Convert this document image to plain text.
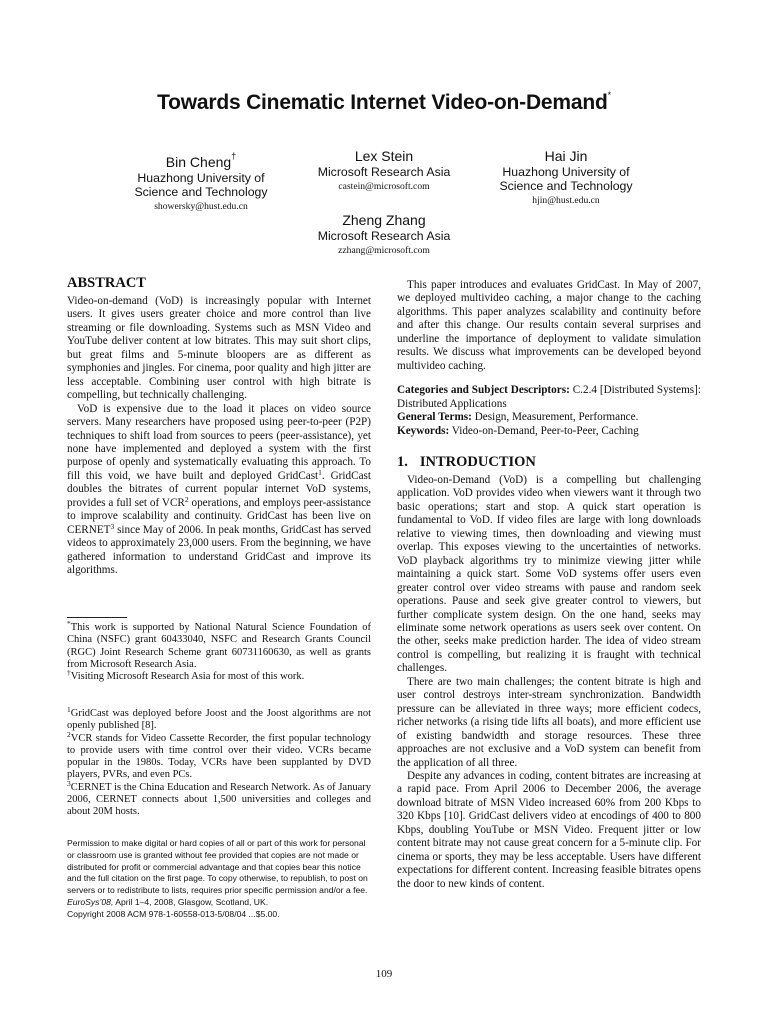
Towards Cinematic Internet Video-on-Demand*
Bin Cheng†
Huazhong University of
Science and Technology
showersky@hust.edu.cn
Lex Stein
Microsoft Research Asia
castein@microsoft.com
Hai Jin
Huazhong University of
Science and Technology
hjin@hust.edu.cn
Zheng Zhang
Microsoft Research Asia
zzhang@microsoft.com
ABSTRACT

Video-on-demand (VoD) is increasingly popular with Internet users. It gives users greater choice and more control than live streaming or file downloading. Systems such as MSN Video and YouTube deliver content at low bitrates. This may suit short clips, but great films and 5-minute bloopers are as different as symphonies and jingles. For cinema, poor quality and high jitter are less acceptable. Combining user control with high bitrate is compelling, but technically challenging.

VoD is expensive due to the load it places on video source servers. Many researchers have proposed using peer-to-peer (P2P) techniques to shift load from sources to peers (peer-assistance), yet none have implemented and deployed a system with the first purpose of openly and systematically evaluating this approach. To fill this void, we have built and deployed GridCast$^1$. GridCast doubles the bitrates of current popular internet VoD systems, provides a full set of VCR$^2$ operations, and employs peer-assistance to improve scalability and continuity. GridCast has been live on CERNET$^3$ since May of 2006. In peak months, GridCast has served videos to approximately 23,000 users. From the beginning, we have gathered information to understand GridCast and improve its algorithms.

*This work is supported by National Natural Science Foundation of China (NSFC) grant 60433040, NSFC and Research Grants Council (RGC) Joint Research Scheme grant 60731160630, as well as grants from Microsoft Research Asia.

†Visiting Microsoft Research Asia for most of this work.

$^1$GridCast was deployed before Joost and the Joost algorithms are not openly published [8].

$^2$VCR stands for Video Cassette Recorder, the first popular technology to provide users with time control over their video. VCRs became popular in the 1980s. Today, VCRs have been supplanted by DVD players, PVRs, and even PCs.

$^3$CERNET is the China Education and Research Network. As of January 2006, CERNET connects about 1,500 universities and colleges and about 20M hosts.

Permission to make digital or hard copies of all or part of this work for personal or classroom use is granted without fee provided that copies are not made or distributed for profit or commercial advantage and that copies bear this notice and the full citation on the first page. To copy otherwise, to republish, to post on servers or to redistribute to lists, requires prior specific permission and/or a fee.

EuroSys’08, April 1–4, 2008, Glasgow, Scotland, UK.

Copyright 2008 ACM 978-1-60558-013-5/08/04 ...$5.00.

This paper introduces and evaluates GridCast. In May of 2007, we deployed multivideo caching, a major change to the caching algorithms. This paper analyzes scalability and continuity before and after this change. Our results contain several surprises and underline the importance of deployment to validate simulation results. We discuss what improvements can be developed beyond multivideo caching.

Categories and Subject Descriptors: C.2.4 [Distributed Systems]: Distributed Applications

General Terms: Design, Measurement, Performance.

Keywords: Video-on-Demand, Peer-to-Peer, Caching

1. INTRODUCTION

Video-on-Demand (VoD) is a compelling but challenging application. VoD provides video when viewers want it through two basic operations; start and stop. A quick start operation is fundamental to VoD. If video files are large with long downloads relative to viewing times, then downloading and viewing must overlap. This exposes viewing to the uncertainties of networks. VoD playback algorithms try to minimize viewing jitter while maintaining a quick start. Some VoD systems offer users even greater control over video streams with pause and random seek operations. Pause and seek give greater control to viewers, but further complicate system design. On the one hand, seeks may eliminate some network operations as users seek over content. On the other, seeks make prediction harder. The idea of video stream control is compelling, but realizing it is fraught with technical challenges.

There are two main challenges; the content bitrate is high and user control destroys inter-stream synchronization. Bandwidth pressure can be alleviated in three ways; more efficient codecs, richer networks (a rising tide lifts all boats), and more efficient use of existing bandwidth and storage resources. These three approaches are not exclusive and a VoD system can benefit from the application of all three.

Despite any advances in coding, content bitrates are increasing at a rapid pace. From April 2006 to December 2006, the average download bitrate of MSN Video increased 60% from 200 Kbps to 320 Kbps [10]. GridCast delivers video at encodings of 400 to 800 Kbps, doubling YouTube or MSN Video. Frequent jitter or low content bitrate may not cause great concern for a 5-minute clip. For cinema or sports, they may be less acceptable. Users have different expectations for different content. Increasing feasible bitrates opens the door to new kinds of content.

109
